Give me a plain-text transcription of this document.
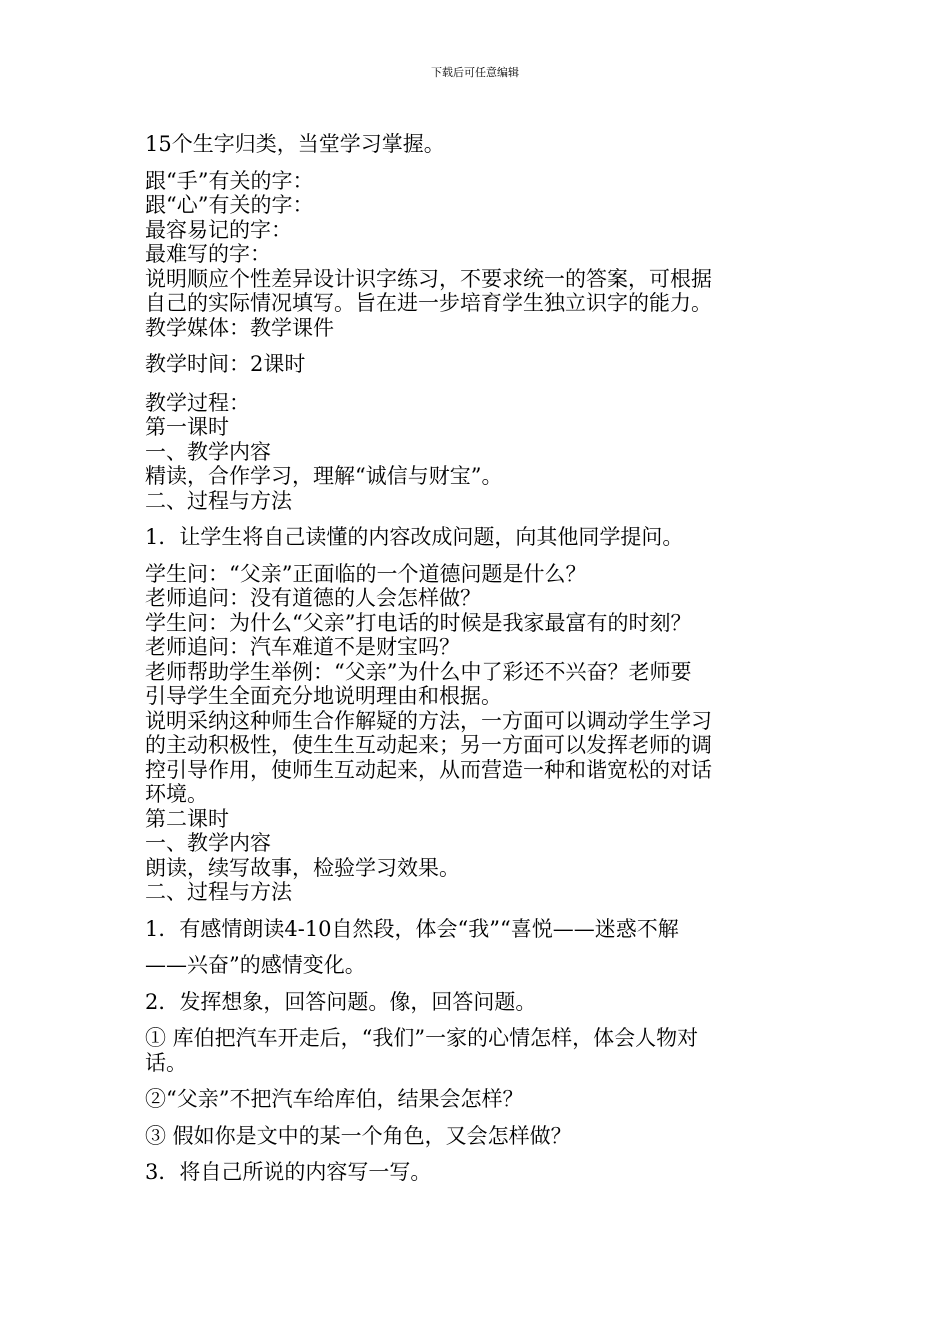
下载后可任意编辑
15个生字归类，当堂学习掌握。
跟“手”有关的字：
跟“心”有关的字：
最容易记的字：
最难写的字：
说明顺应个性差异设计识字练习，不要求统一的答案，可根据
自己的实际情况填写。旨在进一步培育学生独立识字的能力。
教学媒体：教学课件
教学时间：2课时
教学过程：
第一课时
一、教学内容
精读，合作学习，理解“诚信与财宝”。
二、过程与方法
1．让学生将自己读懂的内容改成问题，向其他同学提问。
学生问：“父亲”正面临的一个道德问题是什么？
老师追问：没有道德的人会怎样做？
学生问：为什么“父亲”打电话的时候是我家最富有的时刻？
老师追问：汽车难道不是财宝吗？
老师帮助学生举例：“父亲”为什么中了彩还不兴奋？老师要
引导学生全面充分地说明理由和根据。
说明采纳这种师生合作解疑的方法，一方面可以调动学生学习
的主动积极性，使生生互动起来；另一方面可以发挥老师的调
控引导作用，使师生互动起来，从而营造一种和谐宽松的对话
环境。
第二课时
一、教学内容
朗读，续写故事，检验学习效果。
二、过程与方法
1．有感情朗读4-10自然段，体会“我”“喜悦——迷惑不解
——兴奋”的感情变化。
2．发挥想象，回答问题。像，回答问题。
① 库伯把汽车开走后，“我们”一家的心情怎样，体会人物对
话。
②“父亲”不把汽车给库伯，结果会怎样？
③ 假如你是文中的某一个角色，又会怎样做？
3．将自己所说的内容写一写。
